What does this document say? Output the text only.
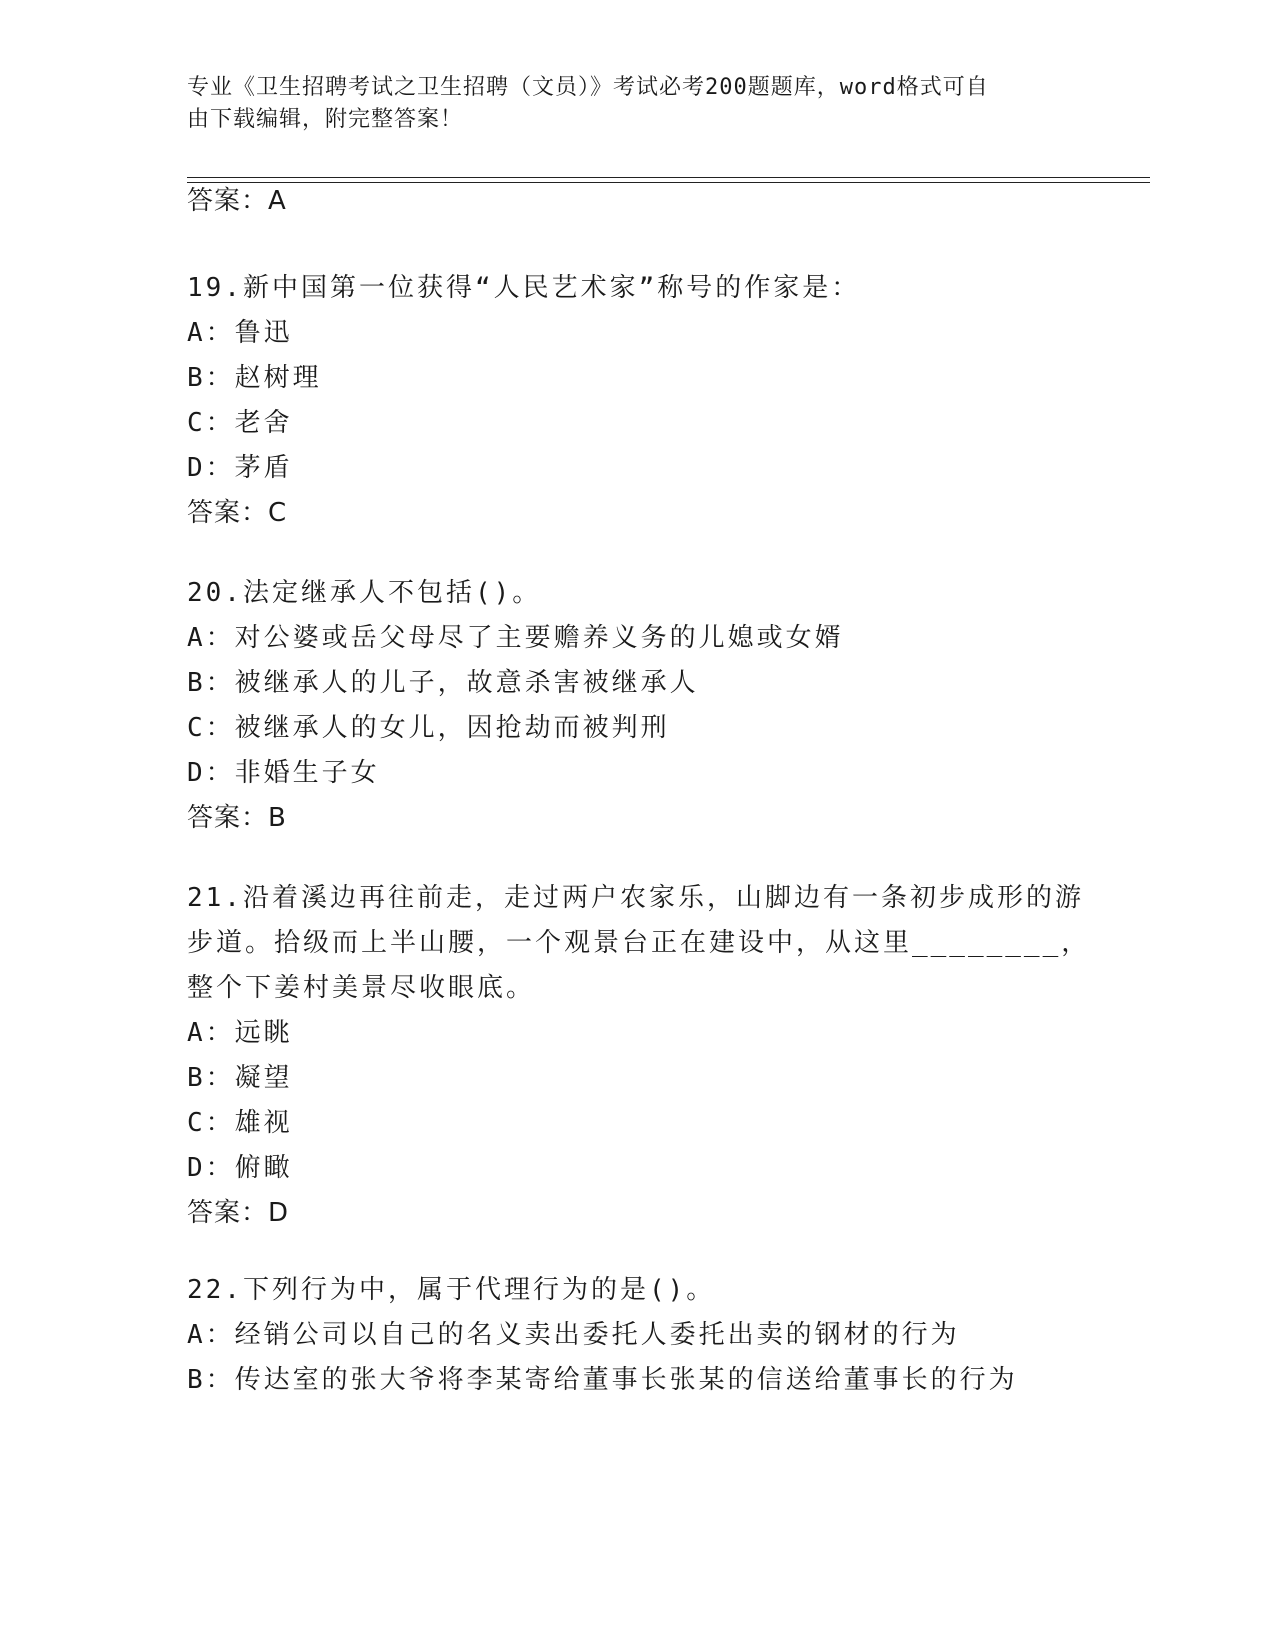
专业《卫生招聘考试之卫生招聘（文员）》考试必考200题题库，word格式可自
由下载编辑，附完整答案！
答案：A
19.新中国第一位获得“人民艺术家”称号的作家是：
A：鲁迅
B：赵树理
C：老舍
D：茅盾
答案：C
20.法定继承人不包括()。
A：对公婆或岳父母尽了主要赡养义务的儿媳或女婿
B：被继承人的儿子，故意杀害被继承人
C：被继承人的女儿，因抢劫而被判刑
D：非婚生子女
答案：B
21.沿着溪边再往前走，走过两户农家乐，山脚边有一条初步成形的游
步道。拾级而上半山腰，一个观景台正在建设中，从这里________，
整个下姜村美景尽收眼底。
A：远眺
B：凝望
C：雄视
D：俯瞰
答案：D
22.下列行为中，属于代理行为的是()。
A：经销公司以自己的名义卖出委托人委托出卖的钢材的行为
B：传达室的张大爷将李某寄给董事长张某的信送给董事长的行为
